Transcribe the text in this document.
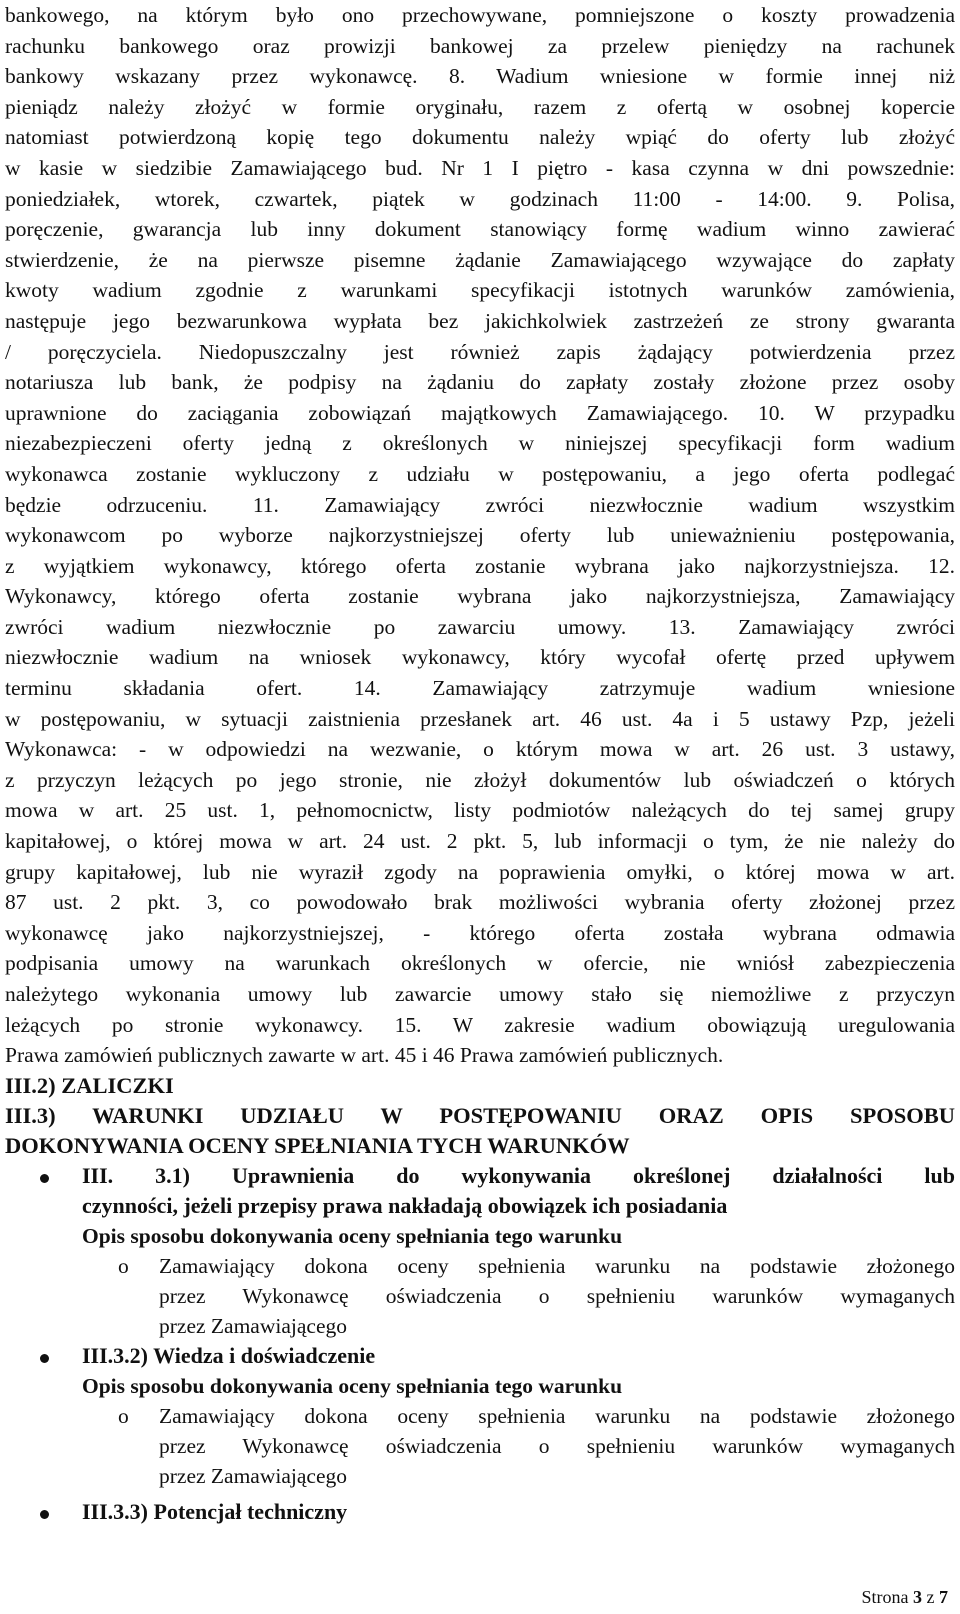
bankowego, na którym było ono przechowywane, pomniejszone o koszty prowadzenia
rachunku bankowego oraz prowizji bankowej za przelew pieniędzy na rachunek
bankowy wskazany przez wykonawcę. 8. Wadium wniesione w formie innej niż
pieniądz należy złożyć w formie oryginału, razem z ofertą w osobnej kopercie
natomiast potwierdzoną kopię tego dokumentu należy wpiąć do oferty lub złożyć
w kasie w siedzibie Zamawiającego bud. Nr 1 I piętro - kasa czynna w dni powszednie:
poniedziałek, wtorek, czwartek, piątek w godzinach 11:00 - 14:00. 9. Polisa,
poręczenie, gwarancja lub inny dokument stanowiący formę wadium winno zawierać
stwierdzenie, że na pierwsze pisemne żądanie Zamawiającego wzywające do zapłaty
kwoty wadium zgodnie z warunkami specyfikacji istotnych warunków zamówienia,
następuje jego bezwarunkowa wypłata bez jakichkolwiek zastrzeżeń ze strony gwaranta
/ poręczyciela. Niedopuszczalny jest również zapis żądający potwierdzenia przez
notariusza lub bank, że podpisy na żądaniu do zapłaty zostały złożone przez osoby
uprawnione do zaciągania zobowiązań majątkowych Zamawiającego. 10. W przypadku
niezabezpieczeni oferty jedną z określonych w niniejszej specyfikacji form wadium
wykonawca zostanie wykluczony z udziału w postępowaniu, a jego oferta podlegać
będzie odrzuceniu. 11. Zamawiający zwróci niezwłocznie wadium wszystkim
wykonawcom po wyborze najkorzystniejszej oferty lub unieważnieniu postępowania,
z wyjątkiem wykonawcy, którego oferta zostanie wybrana jako najkorzystniejsza. 12.
Wykonawcy, którego oferta zostanie wybrana jako najkorzystniejsza, Zamawiający
zwróci wadium niezwłocznie po zawarciu umowy. 13. Zamawiający zwróci
niezwłocznie wadium na wniosek wykonawcy, który wycofał ofertę przed upływem
terminu składania ofert. 14. Zamawiający zatrzymuje wadium wniesione
w postępowaniu, w sytuacji zaistnienia przesłanek art. 46 ust. 4a i 5 ustawy Pzp, jeżeli
Wykonawca: - w odpowiedzi na wezwanie, o którym mowa w art. 26 ust. 3 ustawy,
z przyczyn leżących po jego stronie, nie złożył dokumentów lub oświadczeń o których
mowa w art. 25 ust. 1, pełnomocnictw, listy podmiotów należących do tej samej grupy
kapitałowej, o której mowa w art. 24 ust. 2 pkt. 5, lub informacji o tym, że nie należy do
grupy kapitałowej, lub nie wyraził zgody na poprawienia omyłki, o której mowa w art.
87 ust. 2 pkt. 3, co powodowało brak możliwości wybrania oferty złożonej przez
wykonawcę jako najkorzystniejszej, - którego oferta została wybrana odmawia
podpisania umowy na warunkach określonych w ofercie, nie wniósł zabezpieczenia
należytego wykonania umowy lub zawarcie umowy stało się niemożliwe z przyczyn
leżących po stronie wykonawcy. 15. W zakresie wadium obowiązują uregulowania
Prawa zamówień publicznych zawarte w art. 45 i 46 Prawa zamówień publicznych.

III.2) ZALICZKI
III.3) WARUNKI UDZIAŁU W POSTĘPOWANIU ORAZ OPIS SPOSOBU
DOKONYWANIA OCENY SPEŁNIANIA TYCH WARUNKÓW
III. 3.1) Uprawnienia do wykonywania określonej działalności lub
czynności, jeżeli przepisy prawa nakładają obowiązek ich posiadania
Opis sposobu dokonywania oceny spełniania tego warunku
o Zamawiający dokona oceny spełnienia warunku na podstawie złożonego
przez Wykonawcę oświadczenia o spełnieniu warunków wymaganych
przez Zamawiającego
III.3.2) Wiedza i doświadczenie
Opis sposobu dokonywania oceny spełniania tego warunku
o Zamawiający dokona oceny spełnienia warunku na podstawie złożonego
przez Wykonawcę oświadczenia o spełnieniu warunków wymaganych
przez Zamawiającego
III.3.3) Potencjał techniczny
Strona 3 z 7
